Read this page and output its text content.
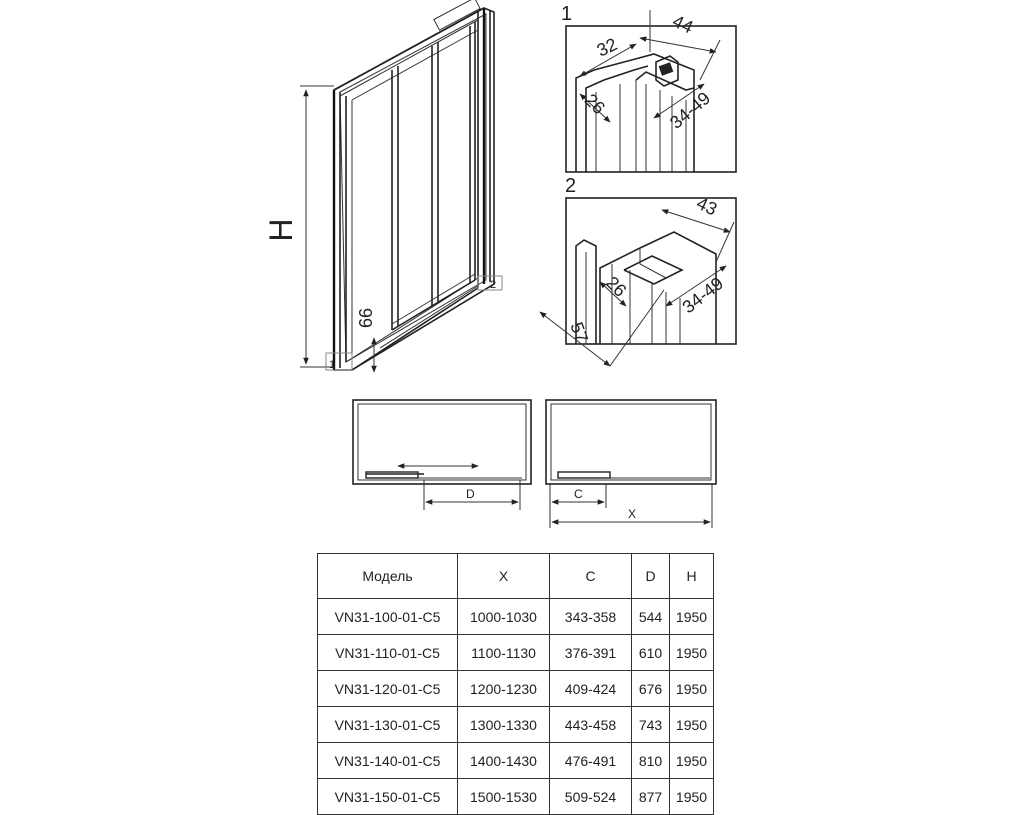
H
66
1
2
1
32
44
26	34-49
2
43
26	34-49
57
D	C
X
Модель	X	C	D	H
VN31-100-01-C5	1000-1030	343-358	544	1950
VN31-110-01-C5	1100-1130	376-391	610	1950
VN31-120-01-C5	1200-1230	409-424	676	1950
VN31-130-01-C5	1300-1330	443-458	743	1950
VN31-140-01-C5	1400-1430	476-491	810	1950
VN31-150-01-C5	1500-1530	509-524	877	1950
